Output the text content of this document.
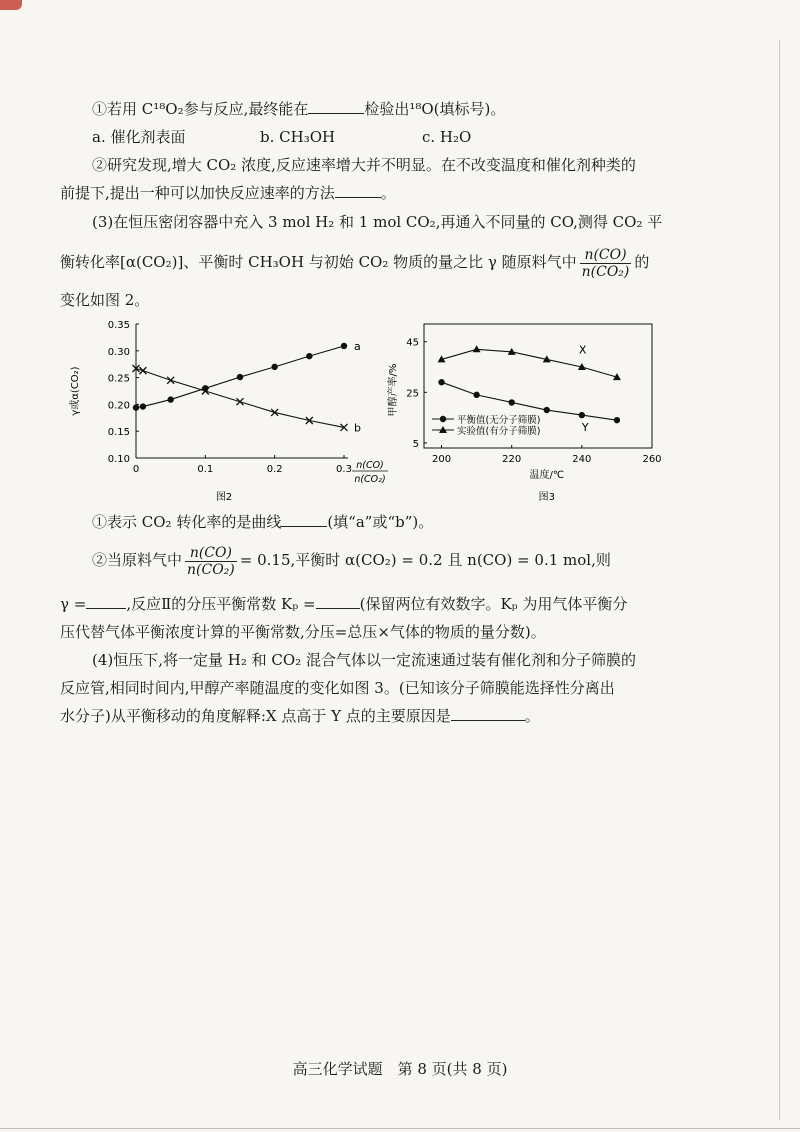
①若用 C¹⁸O₂参与反应,最终能在	检验出¹⁸O(填标号)。
a. 催化剂表面	b. CH₃OH	c. H₂O
②研究发现,增大 CO₂ 浓度,反应速率增大并不明显。在不改变温度和催化剂种类的
前提下,提出一种可以加快反应速率的方法	。
(3)在恒压密闭容器中充入 3 mol H₂ 和 1 mol CO₂,再通入不同量的 CO,测得 CO₂ 平
衡转化率[α(CO₂)]、平衡时 CH₃OH 与初始 CO₂ 物质的量之比 γ 随原料气中 $\frac{n(CO)}{\text{n(CO₂)}}$ 的
变化如图 2。
0.35
0.30
0.25
0.20
0.15
0.10
0	0.1	0.2	0.3
γ或α(CO₂)
n(CO)
n(CO₂)
a
b
图2
45
25
5
200	220	240	260
甲醇产率/%
温度/℃
平衡值(无分子筛膜)
实验值(有分子筛膜)
X
Y
图3
①表示 CO₂ 转化率的是曲线	(填“a”或“b”)。
②当原料气中 $\frac{n(CO)}{\text{n(CO₂)}} = 0.15$,平衡时 α(CO₂) = 0.2 且 n(CO) = 0.1 mol,则
γ =	,反应Ⅱ的分压平衡常数 Kₚ =	(保留两位有效数字。Kₚ 为用气体平衡分
压代替气体平衡浓度计算的平衡常数,分压=总压×气体的物质的量分数)。
(4)恒压下,将一定量 H₂ 和 CO₂ 混合气体以一定流速通过装有催化剂和分子筛膜的
反应管,相同时间内,甲醇产率随温度的变化如图 3。(已知该分子筛膜能选择性分离出
水分子)从平衡移动的角度解释:X 点高于 Y 点的主要原因是	。
高三化学试题　第 8 页(共 8 页)
